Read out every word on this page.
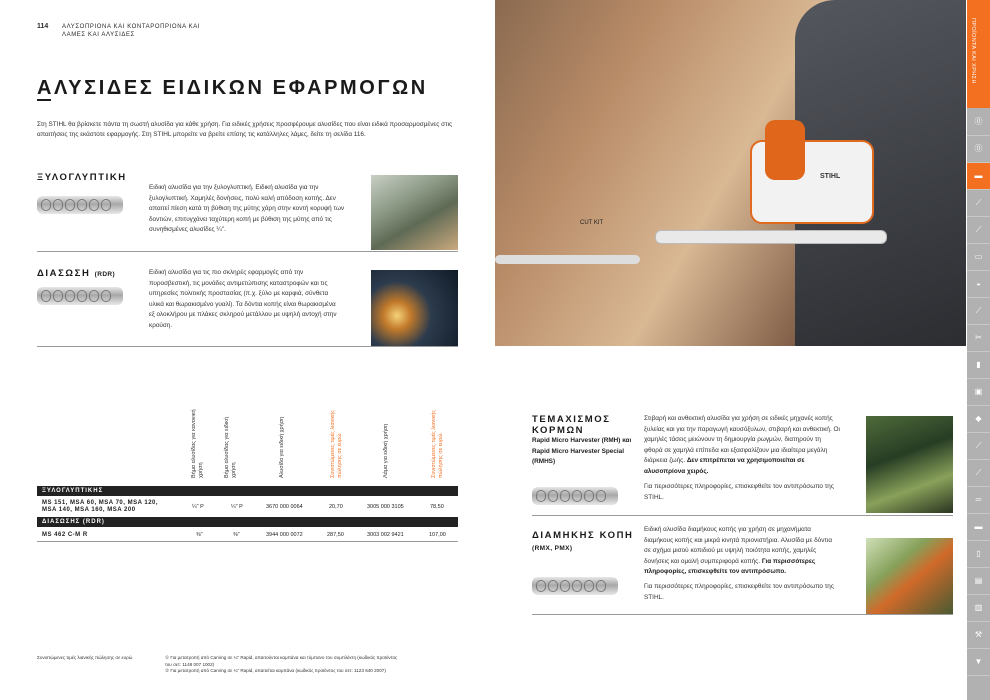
114 ΑΛΥΣΟΠΡΙΟΝΑ ΚΑΙ ΚΟΝΤΑΡΟΠΡΙΟΝΑ ΚΑΙ ΛΑΜΕΣ ΚΑΙ ΑΛΥΣΙΔΕΣ
ΑΛΥΣΙΔΕΣ ΕΙΔΙΚΩΝ ΕΦΑΡΜΟΓΩΝ
Στη STIHL θα βρίσκετε πάντα τη σωστή αλυσίδα για κάθε χρήση. Για ειδικές χρήσεις προσφέρουμε αλυσίδες που είναι ειδικά προσαρμοσμένες στις απαιτήσεις της εκάστοτε εφαρμογής. Στη STIHL μπορείτε να βρείτε επίσης τις κατάλληλες λάμες, δείτε τη σελίδα 116.
ΞΥΛΟΓΛΥΠΤΙΚΗ
Ειδική αλυσίδα για την ξυλογλυπτική. Ειδική αλυσίδα για την ξυλογλυπτική. Χαμηλές δονήσεις, πολύ καλή απόδοση κοπής. Δεν απαιτεί πίεση κατά τη βύθιση της μύτης χάρη στην κοντή κορυφή των δοντιών, επιτυγχάνει ταχύτερη κοπή με βύθιση της μύτης από τις συνηθισμένες αλυσίδες ¼".
ΔΙΑΣΩΣΗ (RDR)	Ειδική αλυσίδα για τις πιο σκληρές εφαρμογές από την πυροσβεστική, τις μονάδες αντιμετώπισης καταστροφών και τις υπηρεσίες πολιτικής προστασίας (π.χ. ξύλο με καρφιά, σύνθετα υλικά και θωρακισμένο γυαλί). Τα δόντια κοπής είναι θωρακισμένα εξ ολοκλήρου με πλάκες σκληρού μετάλλου με υψηλή αντοχή στην κρούση.
Βήμα αλυσίδας για κανονική χρήση	Βήμα αλυσίδας για ειδική χρήση	Αλυσίδα για ειδική χρήση	Συνιστώμενες τιμές λιανικής πώλησης σε ευρώ	Λάμα για ειδική χρήση	Συνιστώμενες τιμές λιανικής πώλησης σε ευρώ
ΞΥΛΟΓΛΥΠΤΙΚΗΣ
MS 151, MSA 60, MSA 70, MSA 120, MSA 140, MSA 160, MSA 200	¼" P	¼" P	3670 000 0064	20,70	3005 000 3105	78,50
ΔΙΑΣΩΣΗΣ (RDR)
MS 462 C-M R	⅜"	⅜"	3944 000 0072	287,50	3003 002 9421	107,00
Συνιστώμενες τιμές λιανικής πώλησης σε ευρώ	① Για μετατροπή από Carving σε ¼" Rapid, απαιτούνται καμπάνα και τύμπανο του συμπλέκτη (κωδικός προϊόντος του σετ: 1148 007 1002)
② Για μετατροπή από Carving σε ¼" Rapid, απαιτείται καμπάνα (κωδικός προϊόντος του σετ: 1123 640 2007)
STIHL
CUT KIT
ΤΕΜΑΧΙΣΜΟΣ
ΚΟΡΜΩΝ
Rapid Micro Harvester (RMH) και Rapid Micro Harvester Special (RMHS)
Στιβαρή και ανθεκτική αλυσίδα για χρήση σε ειδικές μηχανές κοπής ξυλείας και για την παραγωγή καυσόξυλων, στιβαρή και ανθεκτική. Οι χαμηλές τάσεις μειώνουν τη δημιουργία ρωγμών, διατηρούν τη φθορά σε χαμηλά επίπεδα και εξασφαλίζουν μια ιδιαίτερα μεγάλη διάρκεια ζωής. Δεν επιτρέπεται να χρησιμοποιείται σε αλυσοπρίονα χειρός.
Για περισσότερες πληροφορίες, επισκεφθείτε τον αντιπρόσωπο της STIHL.
ΔΙΑΜΗΚΗΣ ΚΟΠΗ
(RMX, PMX)
Ειδική αλυσίδα διαμήκους κοπής για χρήση σε μηχανήματα διαμήκους κοπής και μικρά κινητά πριονιστήρια. Αλυσίδα με δόντια σε σχήμα μισού κοπιδιού με υψηλή ποιότητα κοπής, χαμηλές δονήσεις και ομαλή συμπεριφορά κοπής. Για περισσότερες πληροφορίες, επισκεφθείτε τον αντιπρόσωπο.
Για περισσότερες πληροφορίες, επισκεφθείτε τον αντιπρόσωπο της STIHL.
ΠΡΟΪΟΝΤΑ ΚΑΙ ΧΡΗΣΗ
⓪
⓪
▬
⟋
⟋
▭
◒
⟋
✂
▮
▣
◆
⟋
⟋
═
▬
▯
▤
▥
⚒
▼
